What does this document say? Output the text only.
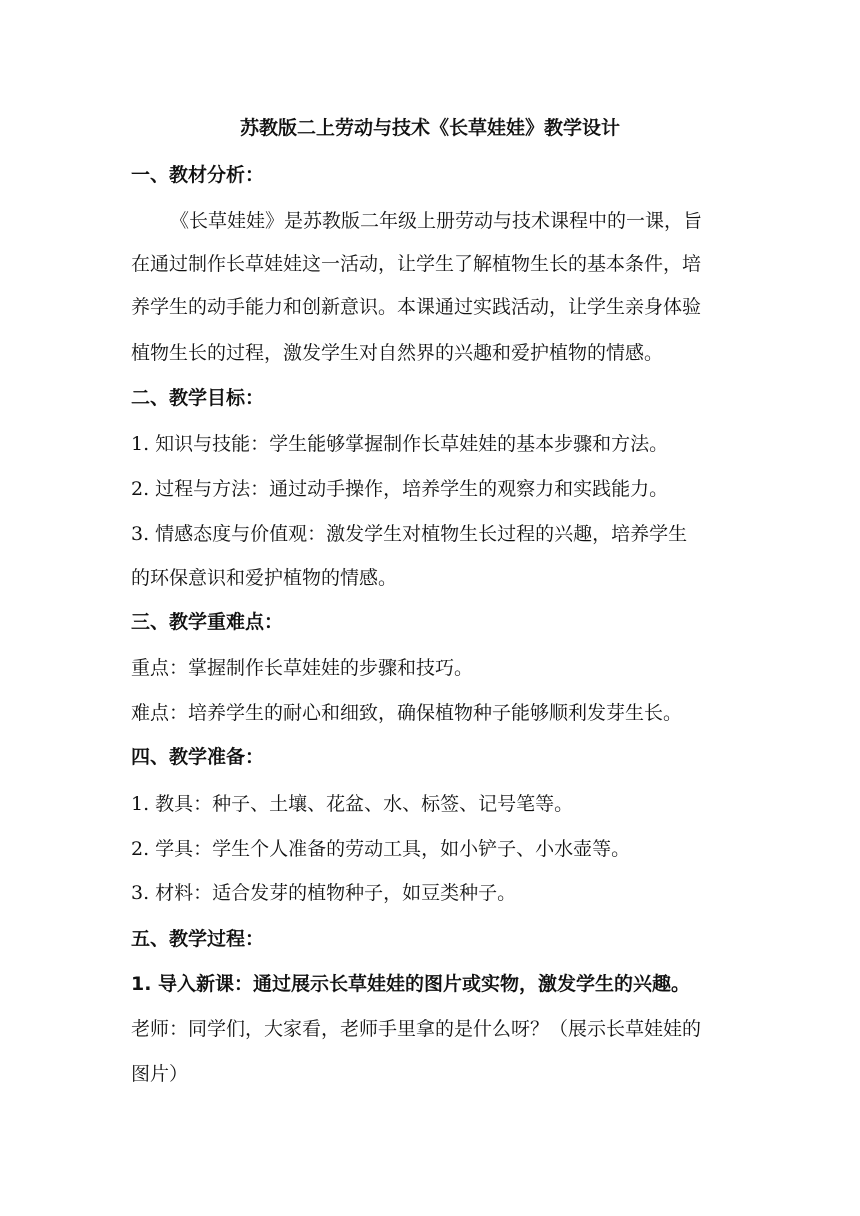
苏教版二上劳动与技术《长草娃娃》教学设计
一、教材分析：
《长草娃娃》是苏教版二年级上册劳动与技术课程中的一课，旨
在通过制作长草娃娃这一活动，让学生了解植物生长的基本条件，培
养学生的动手能力和创新意识。本课通过实践活动，让学生亲身体验
植物生长的过程，激发学生对自然界的兴趣和爱护植物的情感。
二、教学目标：
1. 知识与技能：学生能够掌握制作长草娃娃的基本步骤和方法。
2. 过程与方法：通过动手操作，培养学生的观察力和实践能力。
3. 情感态度与价值观：激发学生对植物生长过程的兴趣，培养学生
的环保意识和爱护植物的情感。
三、教学重难点：
重点：掌握制作长草娃娃的步骤和技巧。
难点：培养学生的耐心和细致，确保植物种子能够顺利发芽生长。
四、教学准备：
1. 教具：种子、土壤、花盆、水、标签、记号笔等。
2. 学具：学生个人准备的劳动工具，如小铲子、小水壶等。
3. 材料：适合发芽的植物种子，如豆类种子。
五、教学过程：
1. 导入新课：通过展示长草娃娃的图片或实物，激发学生的兴趣。
老师：同学们，大家看，老师手里拿的是什么呀？（展示长草娃娃的
图片）
